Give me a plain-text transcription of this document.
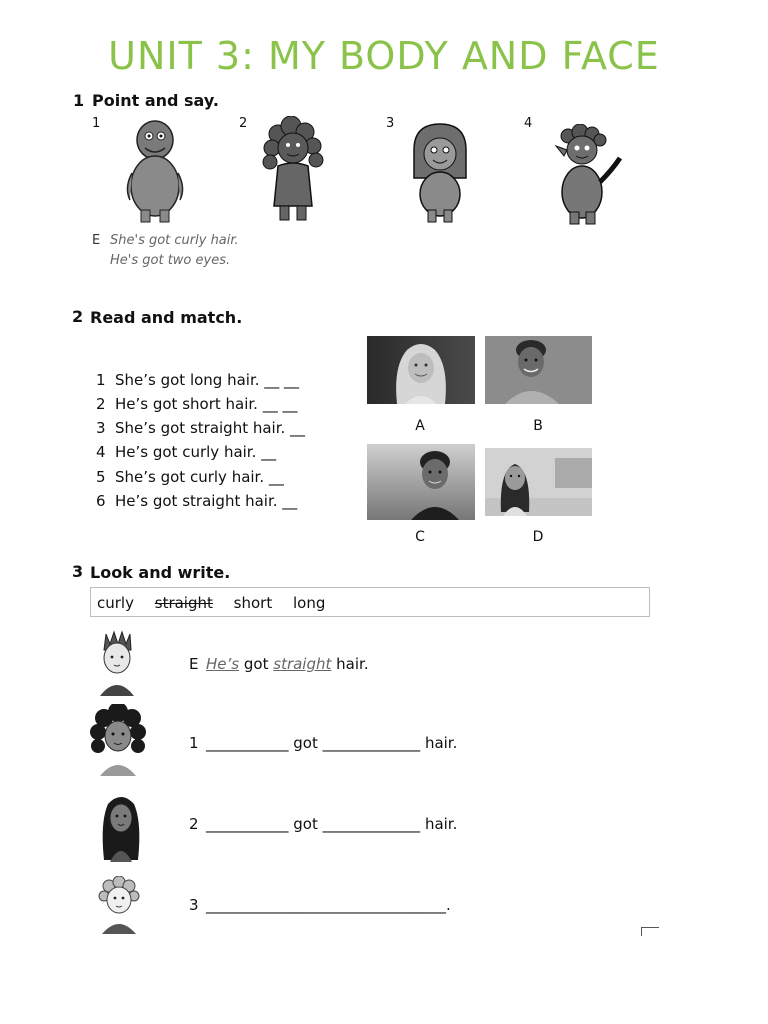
UNIT 3: MY BODY AND FACE
1 Point and say.
1	2	3	4
E She's got curly hair.
He's got two eyes.
2 Read and match.
1 She’s got long hair. __ __
2 He’s got short hair. __ __
3 She’s got straight hair. __
4 He’s got curly hair. __
5 She’s got curly hair. __
6 He’s got straight hair. __
A	B
C	D
3 Look and write.
curly straight short long
E He’s got straight hair.
1 ___________ got _____________ hair.
2 ___________ got _____________ hair.
3 ________________________________.
